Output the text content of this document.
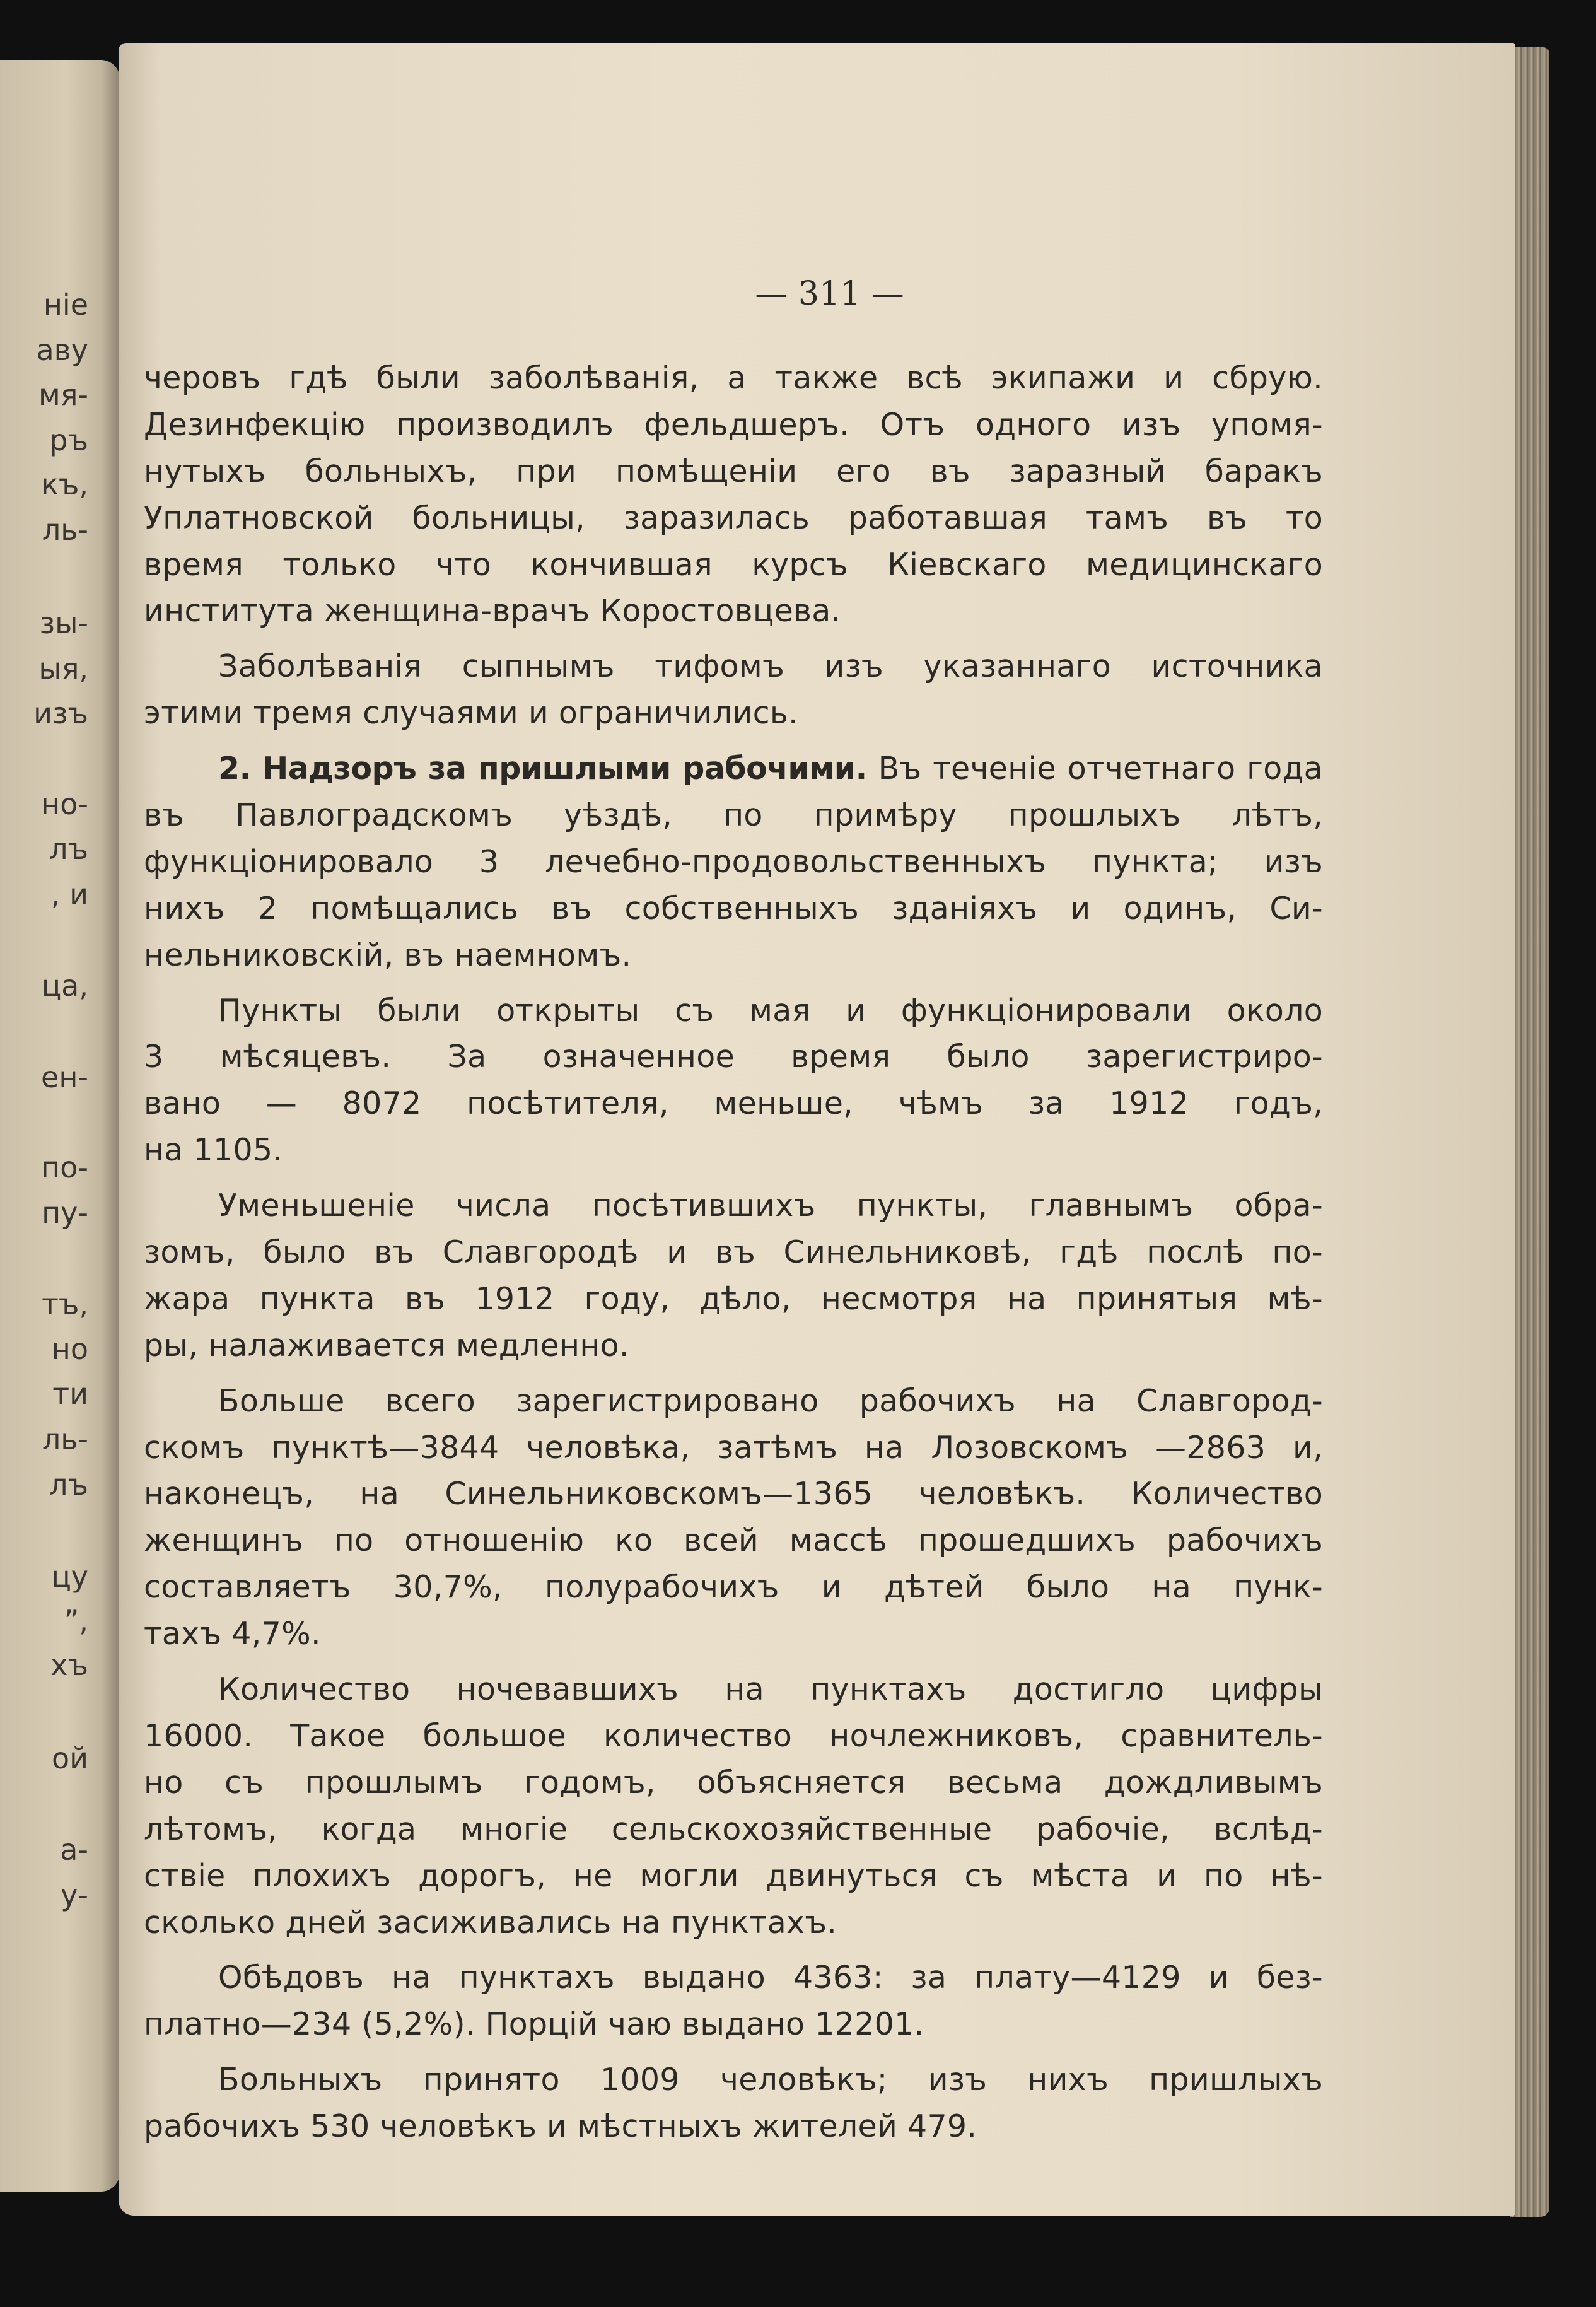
ніе
аву
мя-
ръ
къ,
ль-
зы-
ыя,
изъ
но-
лъ
, и
ца,
ен-
по-
пу-
тъ,
но
ти
ль-
лъ
цу
”,
хъ
ой
а-
у-
— 311 —
черовъ гдѣ были заболѣванія, а также всѣ экипажи и сбрую.
Дезинфекцію производилъ фельдшеръ. Отъ одного изъ упомя-
нутыхъ больныхъ, при помѣщеніи его въ заразный баракъ
Уплатновской больницы, заразилась работавшая тамъ въ то
время только что кончившая курсъ Кіевскаго медицинскаго
института женщина-врачъ Коростовцева.
Заболѣванія сыпнымъ тифомъ изъ указаннаго источника
этими тремя случаями и ограничились.
2. Надзоръ за пришлыми рабочими. Въ теченіе отчетнаго года
въ Павлоградскомъ уѣздѣ, по примѣру прошлыхъ лѣтъ,
функціонировало 3 лечебно-продовольственныхъ пункта; изъ
нихъ 2 помѣщались въ собственныхъ зданіяхъ и одинъ, Си-
нельниковскій, въ наемномъ.
Пункты были открыты съ мая и функціонировали около
3 мѣсяцевъ. За означенное время было зарегистриро-
вано — 8072 посѣтителя, меньше, чѣмъ за 1912 годъ,
на 1105.
Уменьшеніе числа посѣтившихъ пункты, главнымъ обра-
зомъ, было въ Славгородѣ и въ Синельниковѣ, гдѣ послѣ по-
жара пункта въ 1912 году, дѣло, несмотря на принятыя мѣ-
ры, налаживается медленно.
Больше всего зарегистрировано рабочихъ на Славгород-
скомъ пунктѣ—3844 человѣка, затѣмъ на Лозовскомъ —2863 и,
наконецъ, на Синельниковскомъ—1365 человѣкъ. Количество
женщинъ по отношенію ко всей массѣ прошедшихъ рабочихъ
составляетъ 30,7%, полурабочихъ и дѣтей было на пунк-
тахъ 4,7%.
Количество ночевавшихъ на пунктахъ достигло цифры
16000. Такое большое количество ночлежниковъ, сравнитель-
но съ прошлымъ годомъ, объясняется весьма дождливымъ
лѣтомъ, когда многіе сельскохозяйственные рабочіе, вслѣд-
ствіе плохихъ дорогъ, не могли двинуться съ мѣста и по нѣ-
сколько дней засиживались на пунктахъ.
Обѣдовъ на пунктахъ выдано 4363: за плату—4129 и без-
платно—234 (5,2%). Порцій чаю выдано 12201.
Больныхъ принято 1009 человѣкъ; изъ нихъ пришлыхъ
рабочихъ 530 человѣкъ и мѣстныхъ жителей 479.
